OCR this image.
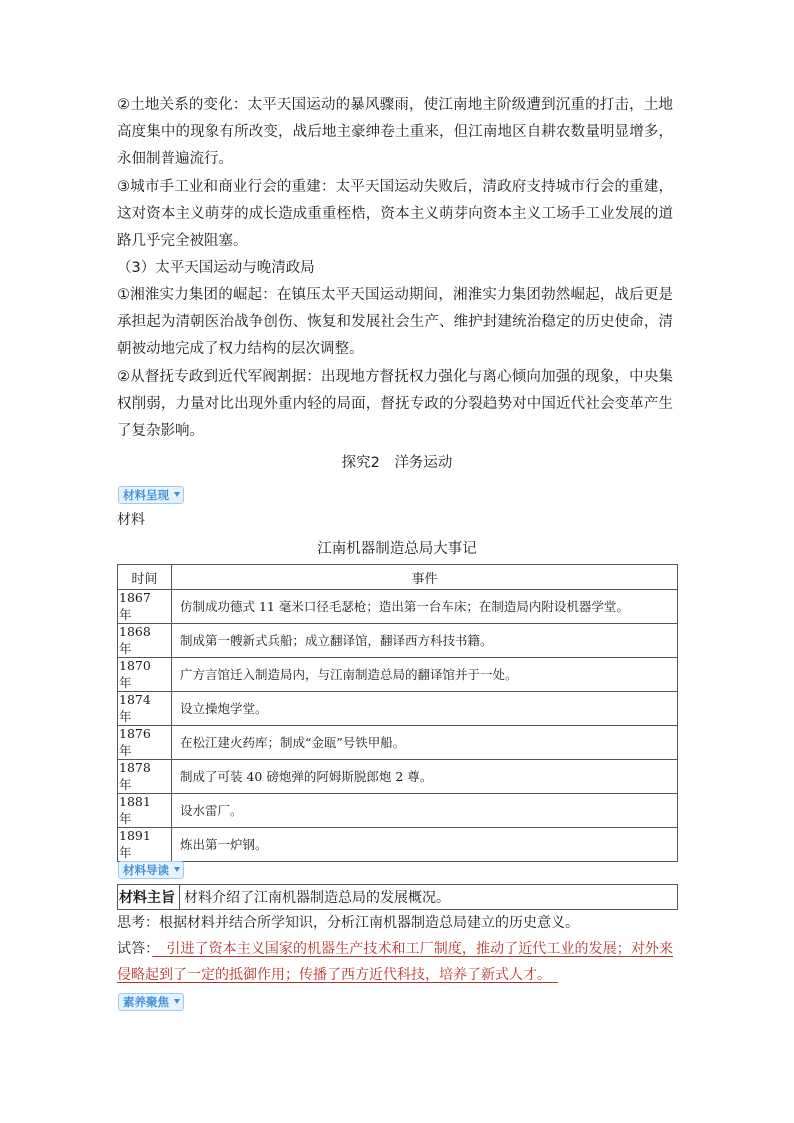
②土地关系的变化：太平天国运动的暴风骤雨，使江南地主阶级遭到沉重的打击，土地高度集中的现象有所改变，战后地主豪绅卷土重来，但江南地区自耕农数量明显增多，永佃制普遍流行。
③城市手工业和商业行会的重建：太平天国运动失败后，清政府支持城市行会的重建，这对资本主义萌芽的成长造成重重桎梏，资本主义萌芽向资本主义工场手工业发展的道路几乎完全被阻塞。
（3）太平天国运动与晚清政局
①湘淮实力集团的崛起：在镇压太平天国运动期间，湘淮实力集团勃然崛起，战后更是承担起为清朝医治战争创伤、恢复和发展社会生产、维护封建统治稳定的历史使命，清朝被动地完成了权力结构的层次调整。
②从督抚专政到近代军阀割据：出现地方督抚权力强化与离心倾向加强的现象，中央集权削弱，力量对比出现外重内轻的局面，督抚专政的分裂趋势对中国近代社会变革产生了复杂影响。
探究2　洋务运动
材料呈现
材料
江南机器制造总局大事记
时间	事件
1867 年	仿制成功德式 11 毫米口径毛瑟枪；造出第一台车床；在制造局内附设机器学堂。
1868 年	制成第一艘新式兵船；成立翻译馆，翻译西方科技书籍。
1870 年	广方言馆迁入制造局内，与江南制造总局的翻译馆并于一处。
1874 年	设立操炮学堂。
1876 年	在松江建火药库；制成“金瓯”号铁甲船。
1878 年	制成了可装 40 磅炮弹的阿姆斯脱郎炮 2 尊。
1881 年	设水雷厂。
1891 年	炼出第一炉钢。
材料导读
材料主旨	材料介绍了江南机器制造总局的发展概况。
思考：根据材料并结合所学知识，分析江南机器制造总局建立的历史意义。
试答：　引进了资本主义国家的机器生产技术和工厂制度，推动了近代工业的发展；对外来侵略起到了一定的抵御作用；传播了西方近代科技，培养了新式人才。　
素养聚焦
